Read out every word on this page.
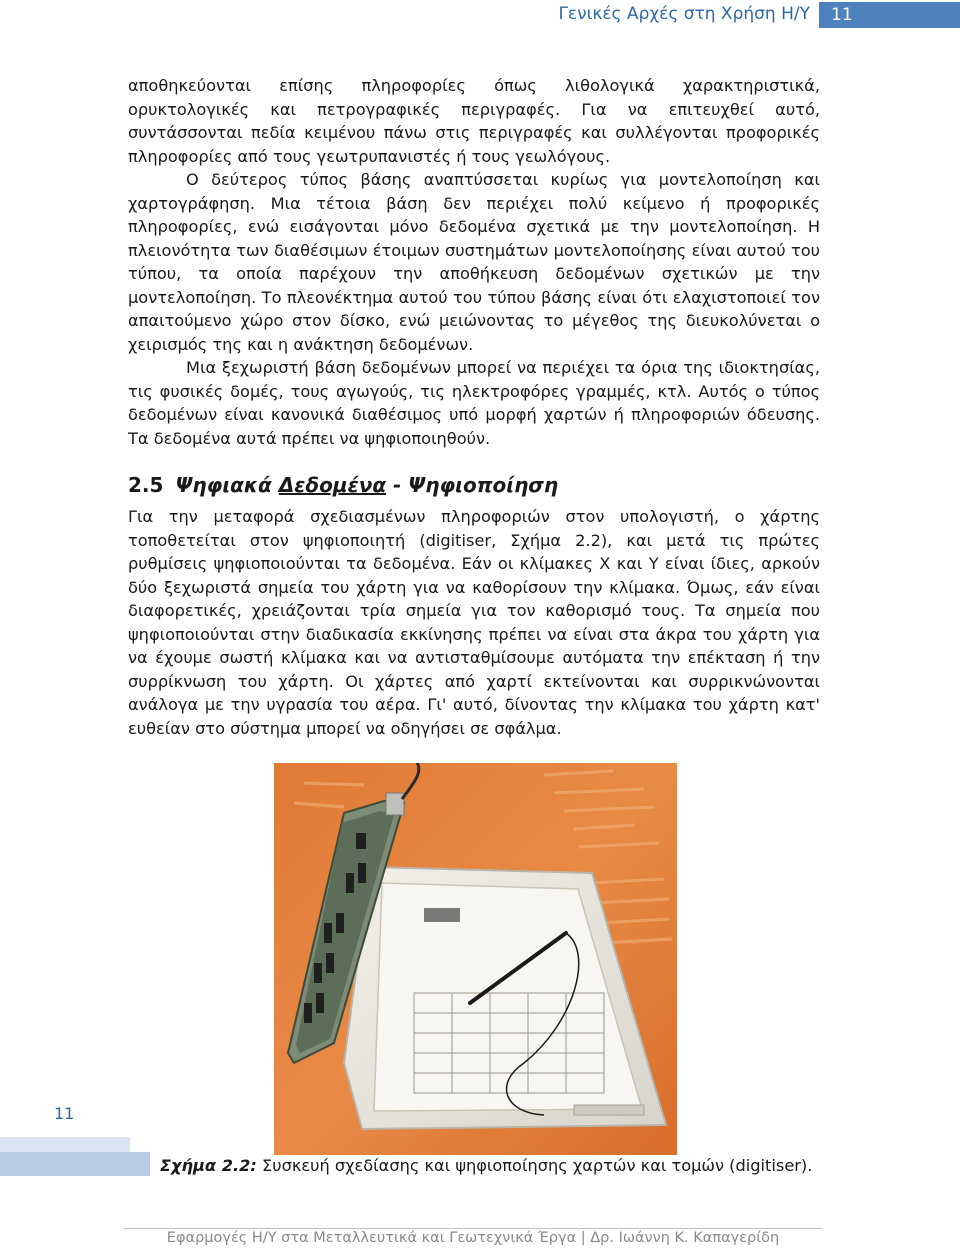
Γενικές Αρχές στη Χρήση Η/Υ	11

αποθηκεύονται επίσης πληροφορίες όπως λιθολογικά χαρακτηριστικά, ορυκτολογικές και πετρογραφικές περιγραφές. Για να επιτευχθεί αυτό, συντάσσονται πεδία κειμένου πάνω στις περιγραφές και συλλέγονται προφορικές πληροφορίες από τους γεωτρυπανιστές ή τους γεωλόγους.

Ο δεύτερος τύπος βάσης αναπτύσσεται κυρίως για μοντελοποίηση και χαρτογράφηση. Μια τέτοια βάση δεν περιέχει πολύ κείμενο ή προφορικές πληροφορίες, ενώ εισάγονται μόνο δεδομένα σχετικά με την μοντελοποίηση. Η πλειονότητα των διαθέσιμων έτοιμων συστημάτων μοντελοποίησης είναι αυτού του τύπου, τα οποία παρέχουν την αποθήκευση δεδομένων σχετικών με την μοντελοποίηση. Το πλεονέκτημα αυτού του τύπου βάσης είναι ότι ελαχιστοποιεί τον απαιτούμενο χώρο στον δίσκο, ενώ μειώνοντας το μέγεθος της διευκολύνεται ο χειρισμός της και η ανάκτηση δεδομένων.

Μια ξεχωριστή βάση δεδομένων μπορεί να περιέχει τα όρια της ιδιοκτησίας, τις φυσικές δομές, τους αγωγούς, τις ηλεκτροφόρες γραμμές, κτλ. Αυτός ο τύπος δεδομένων είναι κανονικά διαθέσιμος υπό μορφή χαρτών ή πληροφοριών όδευσης. Τα δεδομένα αυτά πρέπει να ψηφιοποιηθούν.

2.5 Ψηφιακά Δεδομένα - Ψηφιοποίηση

Για την μεταφορά σχεδιασμένων πληροφοριών στον υπολογιστή, ο χάρτης τοποθετείται στον ψηφιοποιητή (digitiser, Σχήμα 2.2), και μετά τις πρώτες ρυθμίσεις ψηφιοποιούνται τα δεδομένα. Εάν οι κλίμακες Χ και Υ είναι ίδιες, αρκούν δύο ξεχωριστά σημεία του χάρτη για να καθορίσουν την κλίμακα. Όμως, εάν είναι διαφορετικές, χρειάζονται τρία σημεία για τον καθορισμό τους. Τα σημεία που ψηφιοποιούνται στην διαδικασία εκκίνησης πρέπει να είναι στα άκρα του χάρτη για να έχουμε σωστή κλίμακα και να αντισταθμίσουμε αυτόματα την επέκταση ή την συρρίκνωση του χάρτη. Οι χάρτες από χαρτί εκτείνονται και συρρικνώνονται ανάλογα με την υγρασία του αέρα. Γι' αυτό, δίνοντας την κλίμακα του χάρτη κατ' ευθείαν στο σύστημα μπορεί να οδηγήσει σε σφάλμα.

11
Σχήμα 2.2: Συσκευή σχεδίασης και ψηφιοποίησης χαρτών και τομών (digitiser).
Εφαρμογές Η/Υ στα Μεταλλευτικά και Γεωτεχνικά Έργα | Δρ. Ιωάννη Κ. Καπαγερίδη
